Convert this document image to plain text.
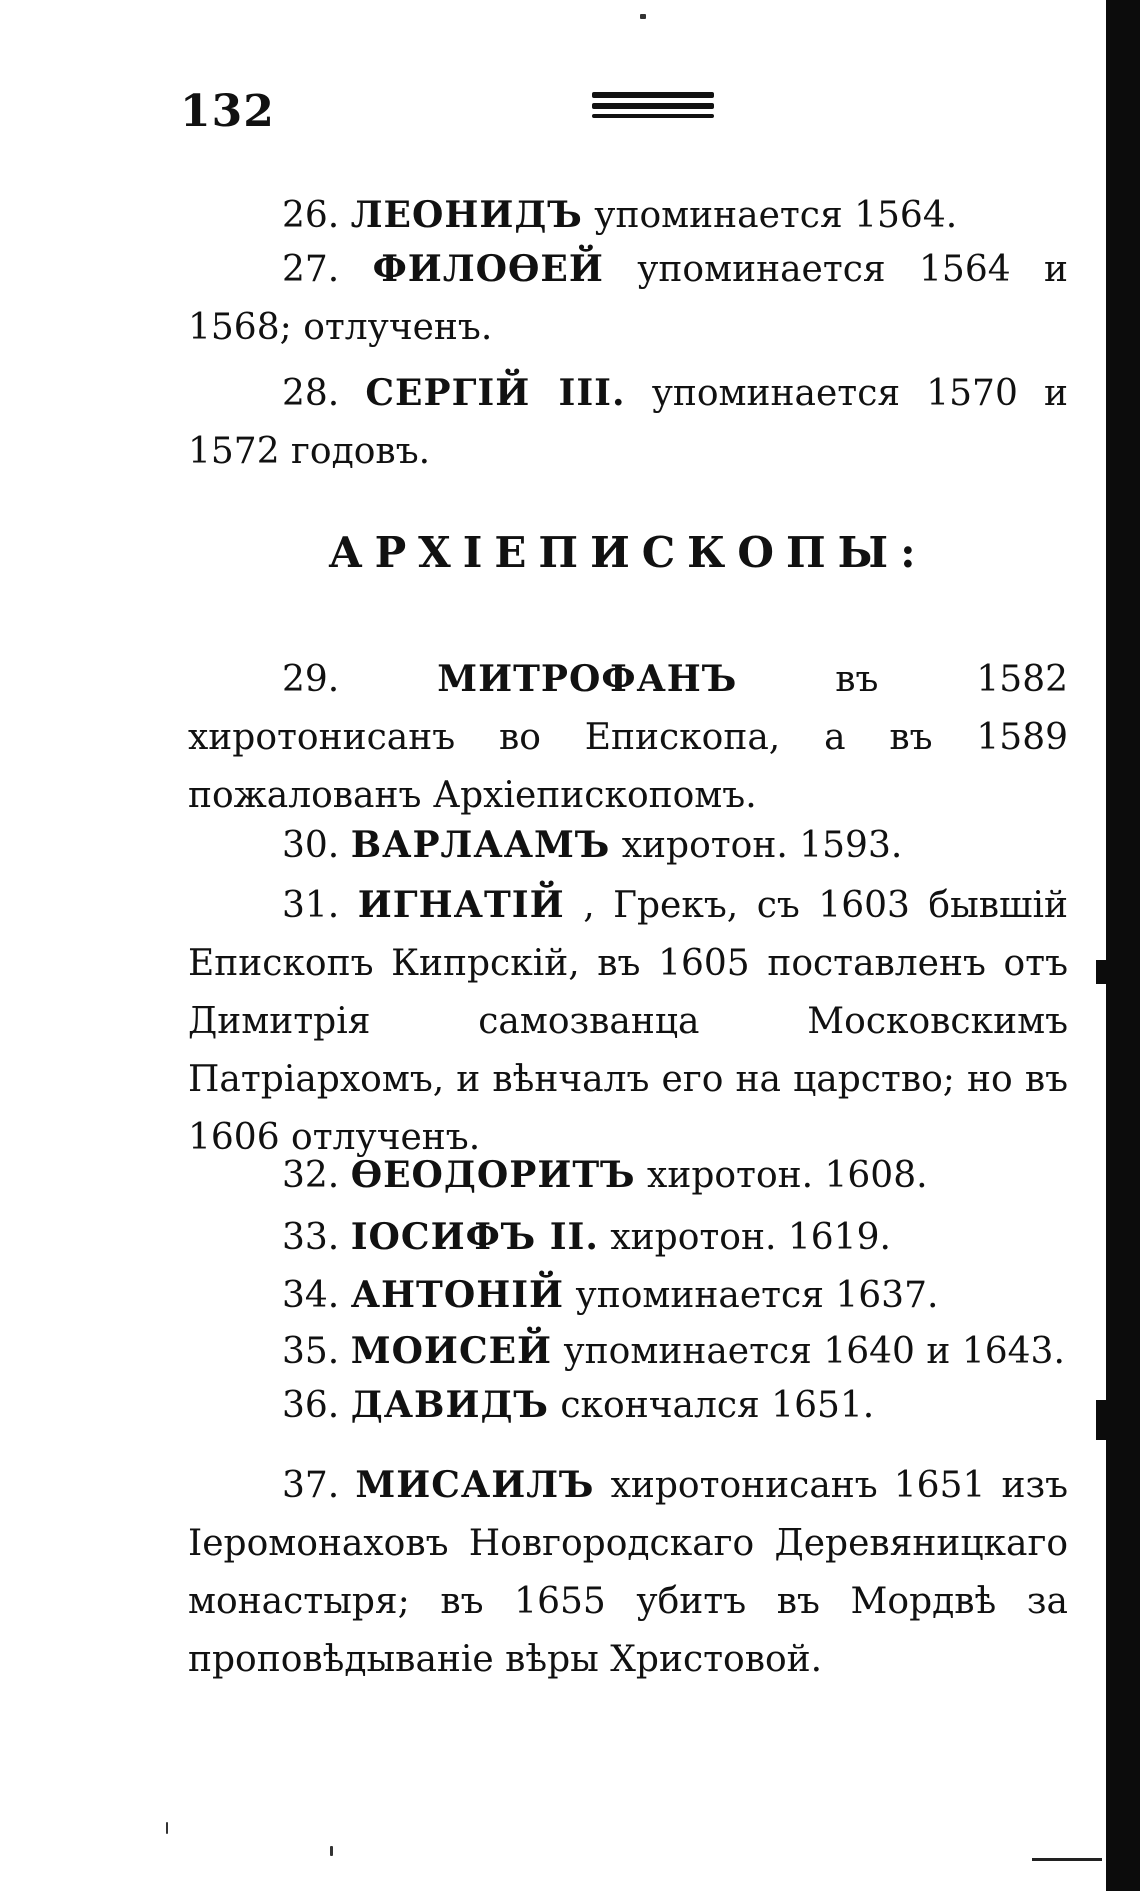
132
26. ЛЕОНИДЪ упоминается 1564.
27. ФИЛОѲЕЙ упоминается 1564 и 1568; отлученъ.
28. СЕРГІЙ III. упоминается 1570 и 1572 годовъ.
АРХІЕПИСКОПЫ:
29.	МИТРОФАНЪ	въ 1582 хиротонисанъ во Епископа, а въ 1589 пожалованъ Архіепископомъ.
30. ВАРЛААМЪ хиротон. 1593.
31. ИГНАТІЙ , Грекъ, съ 1603 бывшій Епископъ Кипрскій, въ 1605 поставленъ отъ Димитрія самозванца Московскимъ Патріархомъ, и вѣнчалъ его на царство; но въ 1606 отлученъ.
32. ѲЕОДОРИТЪ хиротон. 1608.
33. ІОСИФЪ II. хиротон. 1619.
34. АНТОНІЙ упоминается 1637.
35. МОИСЕЙ упоминается 1640 и 1643.
36. ДАВИДЪ скончался 1651.
37. МИСАИЛЪ хиротонисанъ 1651 изъ Іеромонаховъ Новгородскаго Деревяницкаго монастыря; въ 1655 убитъ въ Мордвѣ за проповѣдываніе вѣры Христовой.
